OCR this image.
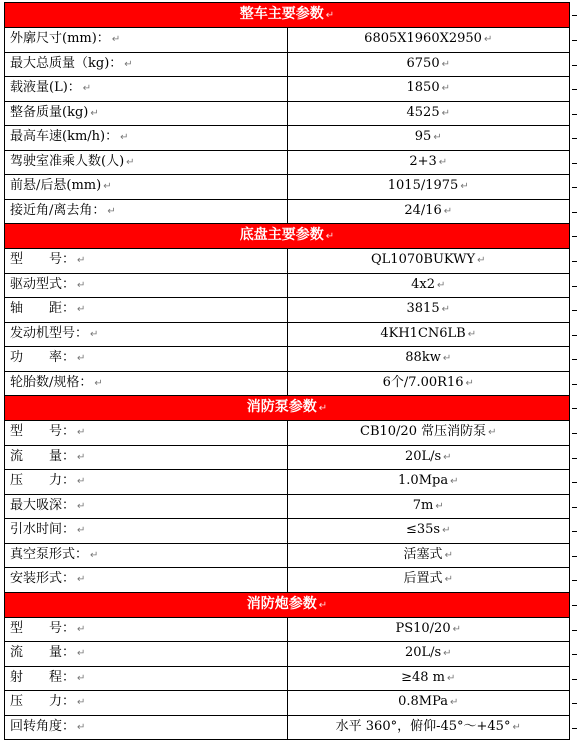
整车主要参数 ↵	
外廓尺寸(mm)： ↵	6805X1960X2950 ↵
最大总质量（kg)： ↵	6750 ↵
载液量(L)： ↵	1850 ↵
整备质量(kg) ↵	4525 ↵
最高车速(km/h)： ↵	95 ↵
驾驶室准乘人数(人) ↵	2+3 ↵
前悬/后悬(mm) ↵	1015/1975 ↵
接近角/离去角： ↵	24/16 ↵
底盘主要参数 ↵	
型　　号： ↵	QL1070BUKWY ↵
驱动型式： ↵	4x2 ↵
轴　　距： ↵	3815 ↵
发动机型号： ↵	4KH1CN6LB ↵
功　　率： ↵	88kw ↵
轮胎数/规格： ↵	6个/7.00R16 ↵
消防泵参数 ↵	
型　　号： ↵	CB10/20 常压消防泵 ↵
流　　量： ↵	20L/s ↵
压　　力： ↵	1.0Mpa ↵
最大吸深： ↵	7m ↵
引水时间： ↵	≤35s ↵
真空泵形式： ↵	活塞式 ↵
安装形式： ↵	后置式 ↵
消防炮参数 ↵	
型　　号： ↵	PS10/20 ↵
流　　量： ↵	20L/s ↵
射　　程： ↵	≥48 m ↵
压　　力： ↵	0.8MPa ↵
回转角度： ↵	水平 360°，俯仰-45°～+45° ↵
